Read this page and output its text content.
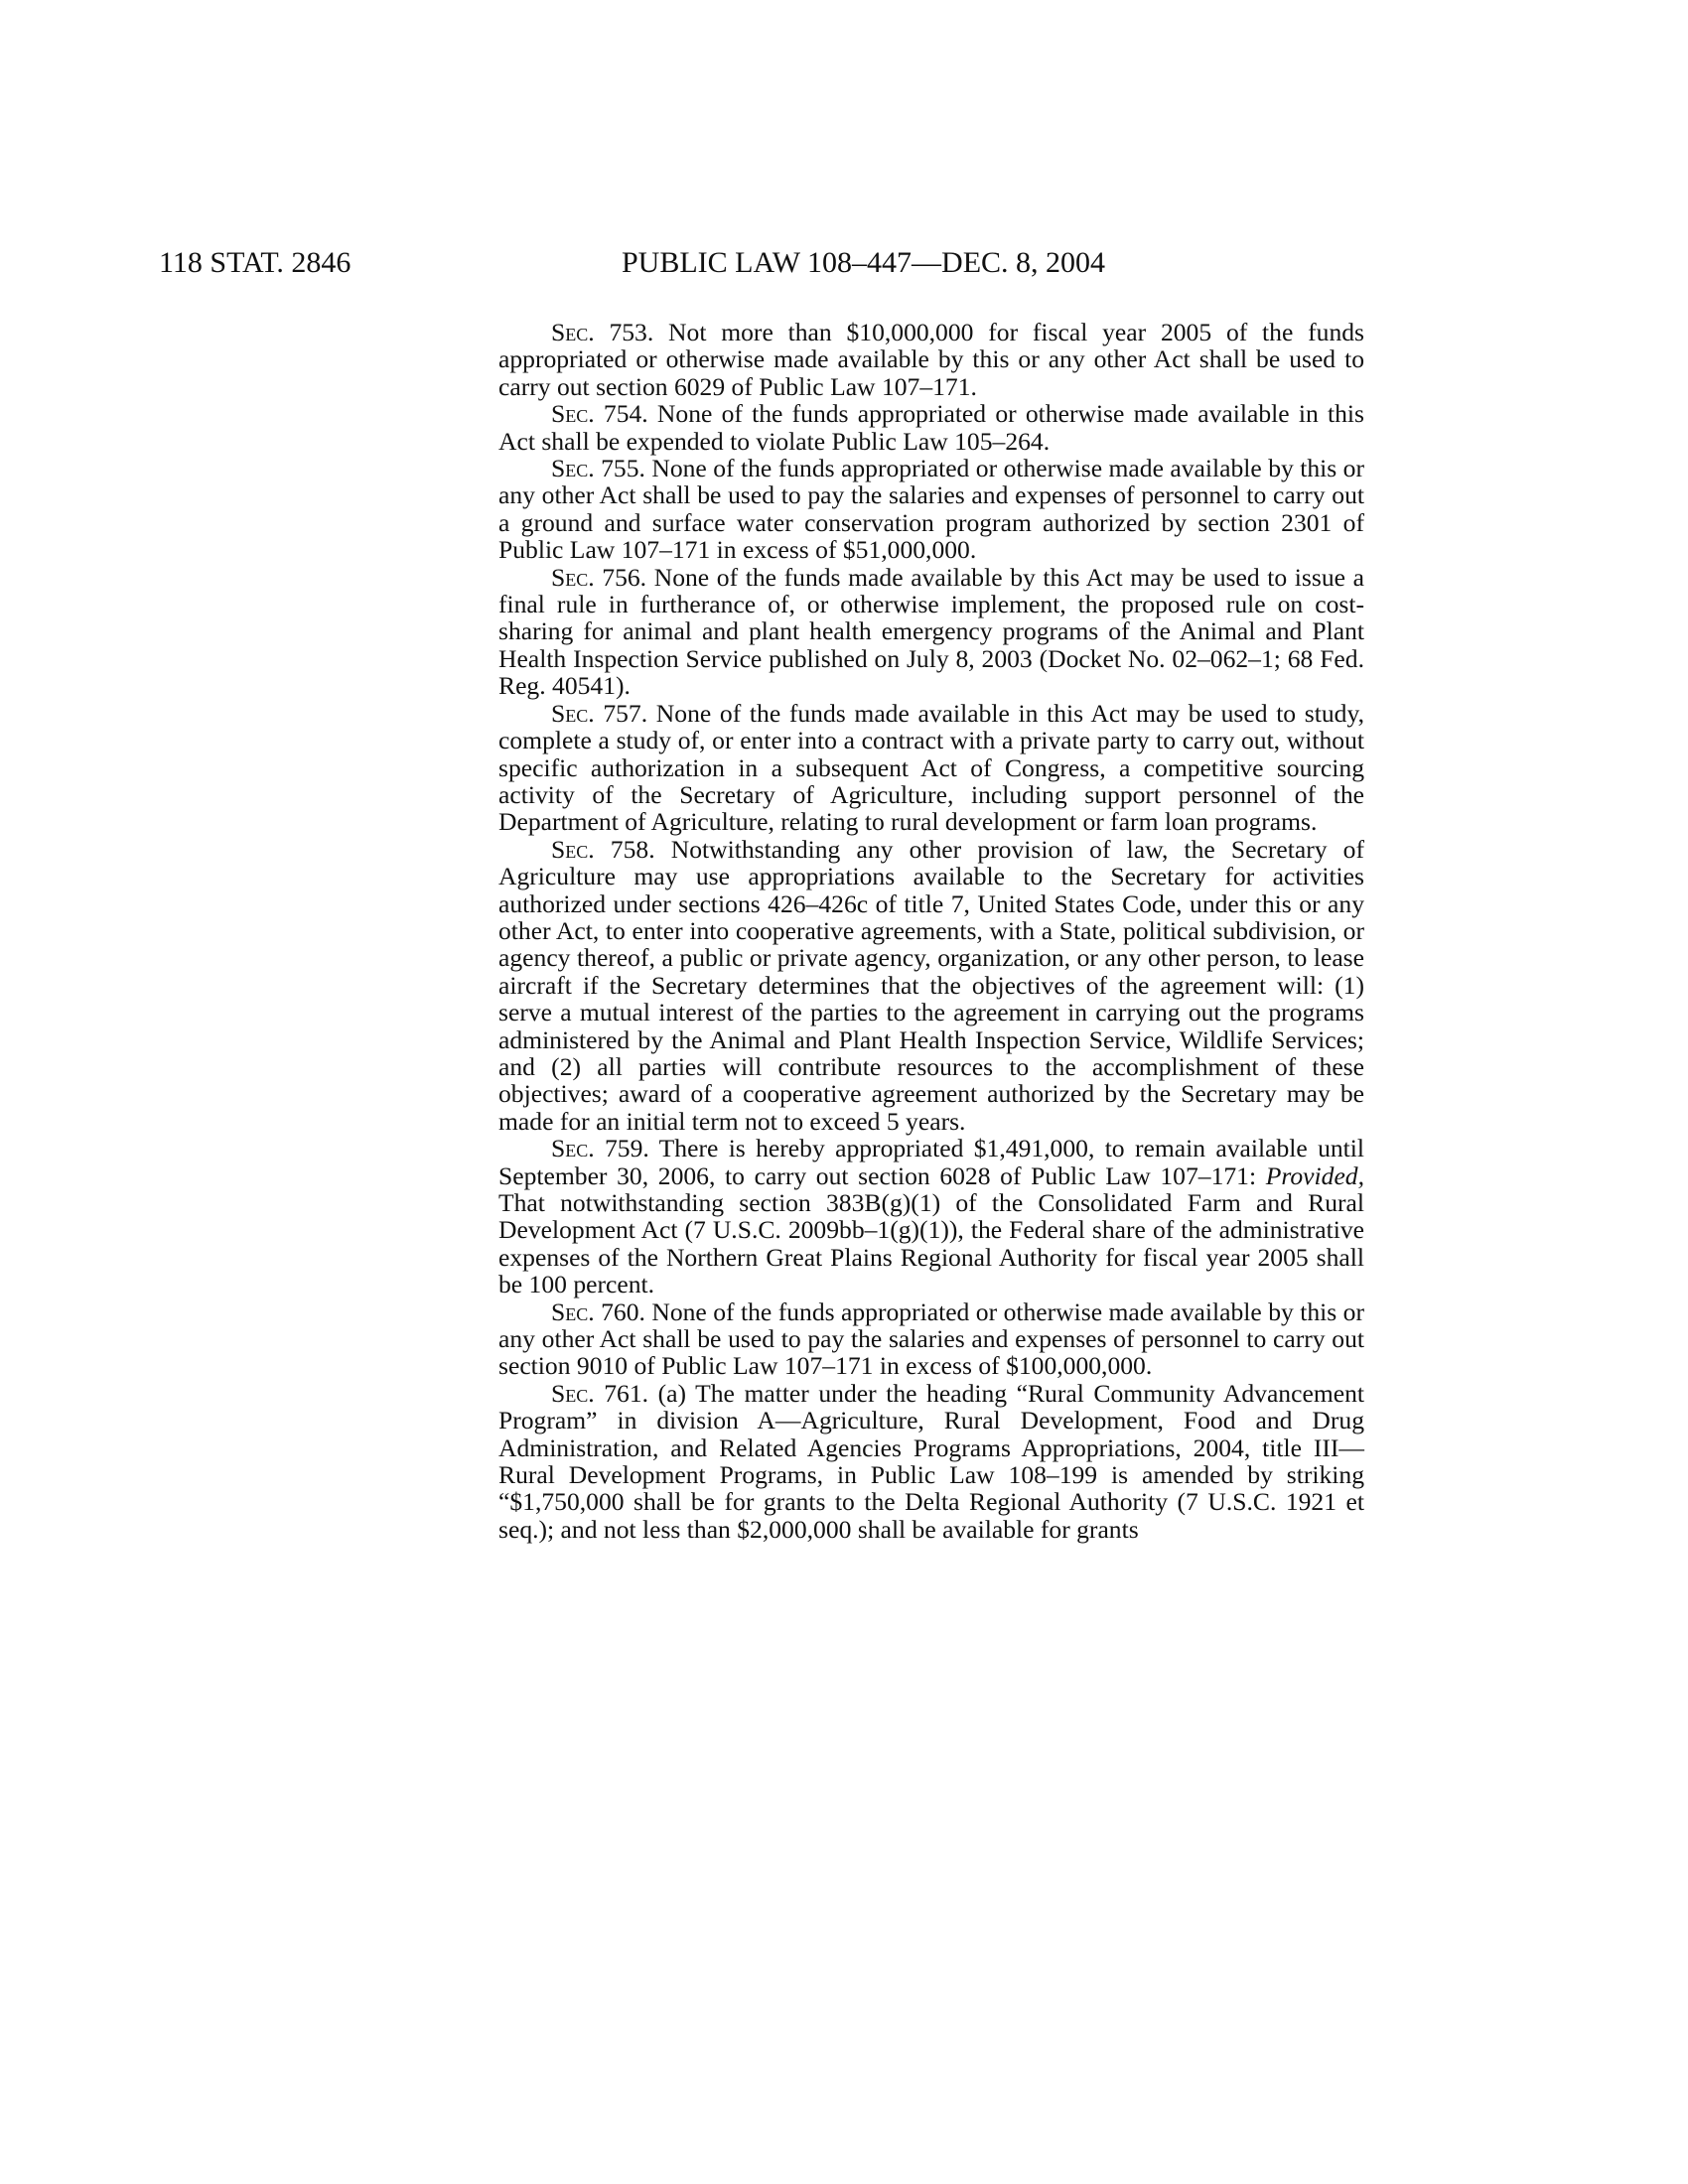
118 STAT. 2846	PUBLIC LAW 108–447—DEC. 8, 2004

Sec. 753. Not more than $10,000,000 for fiscal year 2005 of the funds appropriated or otherwise made available by this or any other Act shall be used to carry out section 6029 of Public Law 107–171.

Sec. 754. None of the funds appropriated or otherwise made available in this Act shall be expended to violate Public Law 105–264.

Sec. 755. None of the funds appropriated or otherwise made available by this or any other Act shall be used to pay the salaries and expenses of personnel to carry out a ground and surface water conservation program authorized by section 2301 of Public Law 107–171 in excess of $51,000,000.

Sec. 756. None of the funds made available by this Act may be used to issue a final rule in furtherance of, or otherwise implement, the proposed rule on cost-sharing for animal and plant health emergency programs of the Animal and Plant Health Inspection Service published on July 8, 2003 (Docket No. 02–062–1; 68 Fed. Reg. 40541).

Sec. 757. None of the funds made available in this Act may be used to study, complete a study of, or enter into a contract with a private party to carry out, without specific authorization in a subsequent Act of Congress, a competitive sourcing activity of the Secretary of Agriculture, including support personnel of the Department of Agriculture, relating to rural development or farm loan programs.

Sec. 758. Notwithstanding any other provision of law, the Secretary of Agriculture may use appropriations available to the Secretary for activities authorized under sections 426–426c of title 7, United States Code, under this or any other Act, to enter into cooperative agreements, with a State, political subdivision, or agency thereof, a public or private agency, organization, or any other person, to lease aircraft if the Secretary determines that the objectives of the agreement will: (1) serve a mutual interest of the parties to the agreement in carrying out the programs administered by the Animal and Plant Health Inspection Service, Wildlife Services; and (2) all parties will contribute resources to the accomplishment of these objectives; award of a cooperative agreement authorized by the Secretary may be made for an initial term not to exceed 5 years.

Sec. 759. There is hereby appropriated $1,491,000, to remain available until September 30, 2006, to carry out section 6028 of Public Law 107–171: Provided, That notwithstanding section 383B(g)(1) of the Consolidated Farm and Rural Development Act (7 U.S.C. 2009bb–1(g)(1)), the Federal share of the administrative expenses of the Northern Great Plains Regional Authority for fiscal year 2005 shall be 100 percent.

Sec. 760. None of the funds appropriated or otherwise made available by this or any other Act shall be used to pay the salaries and expenses of personnel to carry out section 9010 of Public Law 107–171 in excess of $100,000,000.

Sec. 761. (a) The matter under the heading “Rural Community Advancement Program” in division A—Agriculture, Rural Development, Food and Drug Administration, and Related Agencies Programs Appropriations, 2004, title III—Rural Development Programs, in Public Law 108–199 is amended by striking “$1,750,000 shall be for grants to the Delta Regional Authority (7 U.S.C. 1921 et seq.); and not less than $2,000,000 shall be available for grants
